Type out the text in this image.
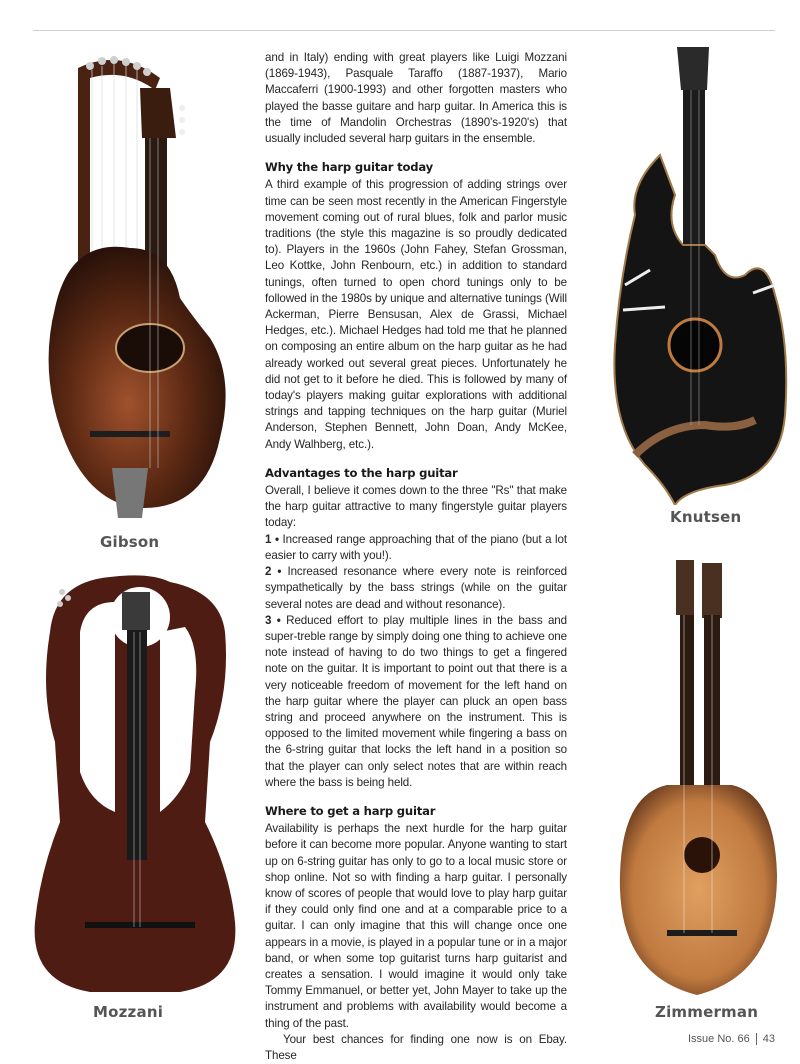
Gibson
Knutsen
Mozzani	Zimmerman

and in Italy) ending with great players like Luigi Mozzani (1869-1943), Pasquale Taraffo (1887-1937), Mario Maccaferri (1900-1993) and other forgotten masters who played the basse guitare and harp guitar. In America this is the time of Mandolin Orchestras (1890's-1920's) that usually included several harp guitars in the ensemble.

Why the harp guitar today

A third example of this progression of adding strings over time can be seen most recently in the American Fingerstyle movement coming out of rural blues, folk and parlor music traditions (the style this magazine is so proudly dedicated to). Players in the 1960s (John Fahey, Stefan Grossman, Leo Kottke, John Renbourn, etc.) in addition to standard tunings, often turned to open chord tunings only to be followed in the 1980s by unique and alternative tunings (Will Ackerman, Pierre Bensusan, Alex de Grassi, Michael Hedges, etc.). Michael Hedges had told me that he planned on composing an entire album on the harp guitar as he had already worked out several great pieces. Unfortunately he did not get to it before he died. This is followed by many of today's players making guitar explorations with additional strings and tapping techniques on the harp guitar (Muriel Anderson, Stephen Bennett, John Doan, Andy McKee, Andy Walhberg, etc.).

Advantages to the harp guitar

Overall, I believe it comes down to the three "Rs" that make the harp guitar attractive to many fingerstyle guitar players today:

1 • Increased range approaching that of the piano (but a lot easier to carry with you!).

2 • Increased resonance where every note is reinforced sympathetically by the bass strings (while on the guitar several notes are dead and without resonance).

3 • Reduced effort to play multiple lines in the bass and super-treble range by simply doing one thing to achieve one note instead of having to do two things to get a fingered note on the guitar. It is important to point out that there is a very noticeable freedom of movement for the left hand on the harp guitar where the player can pluck an open bass string and proceed anywhere on the instrument. This is opposed to the limited movement while fingering a bass on the 6-string guitar that locks the left hand in a position so that the player can only select notes that are within reach where the bass is being held.

Where to get a harp guitar

Availability is perhaps the next hurdle for the harp guitar before it can become more popular. Anyone wanting to start up on 6-string guitar has only to go to a local music store or shop online. Not so with finding a harp guitar. I personally know of scores of people that would love to play harp guitar if they could only find one and at a comparable price to a guitar. I can only imagine that this will change once one appears in a movie, is played in a popular tune or in a major band, or when some top guitarist turns harp guitarist and creates a sensation. I would imagine it would only take Tommy Emmanuel, or better yet, John Mayer to take up the instrument and problems with availability would become a thing of the past.

Your best chances for finding one now is on Ebay. These

Issue No. 66 43
